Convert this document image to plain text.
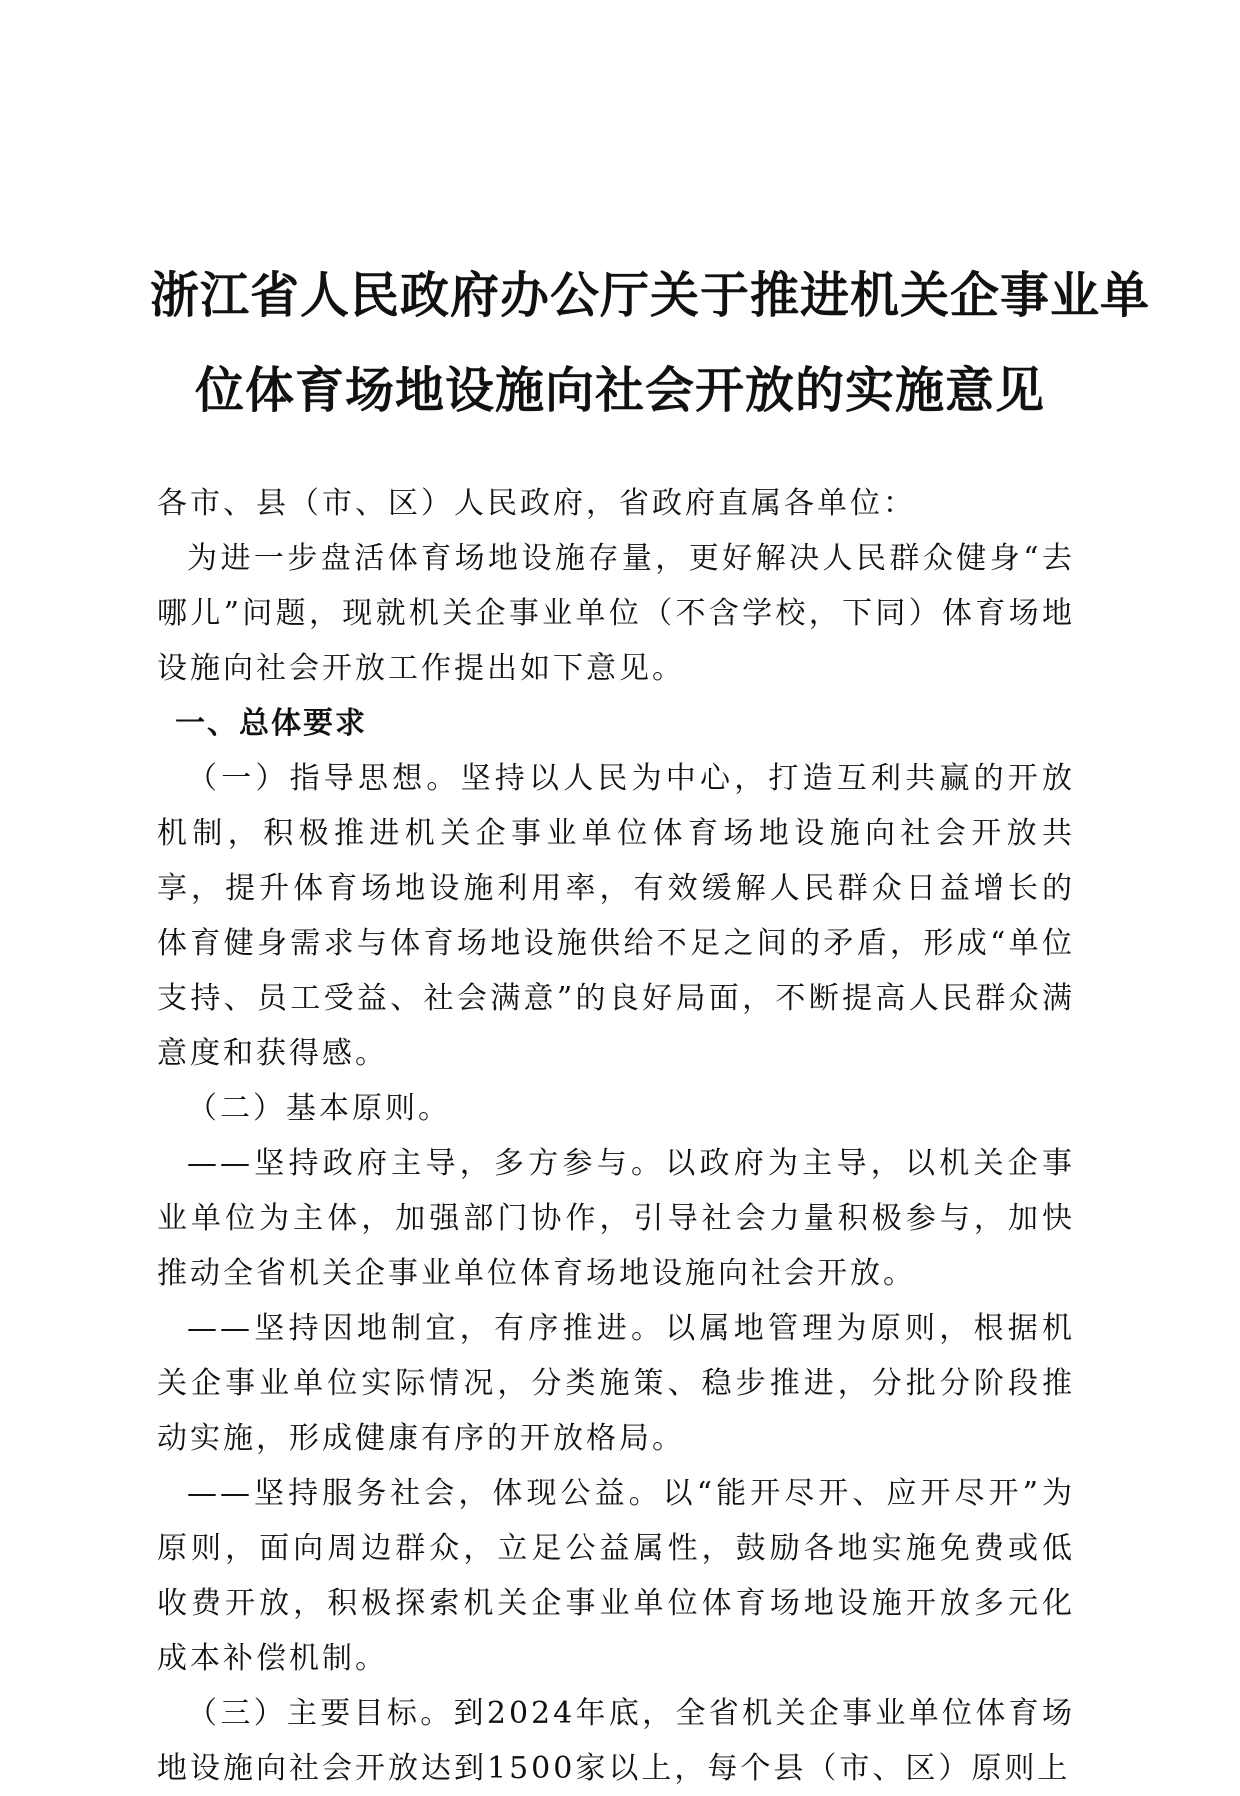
浙江省人民政府办公厅关于推进机关企事业单
位体育场地设施向社会开放的实施意见

各市、县（市、区）人民政府，省政府直属各单位：

为进一步盘活体育场地设施存量，更好解决人民群众健身“去哪儿”问题，现就机关企事业单位（不含学校，下同）体育场地设施向社会开放工作提出如下意见。

一、总体要求

（一）指导思想。坚持以人民为中心，打造互利共赢的开放机制，积极推进机关企事业单位体育场地设施向社会开放共享，提升体育场地设施利用率，有效缓解人民群众日益增长的体育健身需求与体育场地设施供给不足之间的矛盾，形成“单位支持、员工受益、社会满意”的良好局面，不断提高人民群众满意度和获得感。

（二）基本原则。

——坚持政府主导，多方参与。以政府为主导，以机关企事业单位为主体，加强部门协作，引导社会力量积极参与，加快推动全省机关企事业单位体育场地设施向社会开放。

——坚持因地制宜，有序推进。以属地管理为原则，根据机关企事业单位实际情况，分类施策、稳步推进，分批分阶段推动实施，形成健康有序的开放格局。

——坚持服务社会，体现公益。以“能开尽开、应开尽开”为原则，面向周边群众，立足公益属性，鼓励各地实施免费或低收费开放，积极探索机关企事业单位体育场地设施开放多元化成本补偿机制。

（三）主要目标。到2024年底，全省机关企事业单位体育场地设施向社会开放达到1500家以上，每个县（市、区）原则上
